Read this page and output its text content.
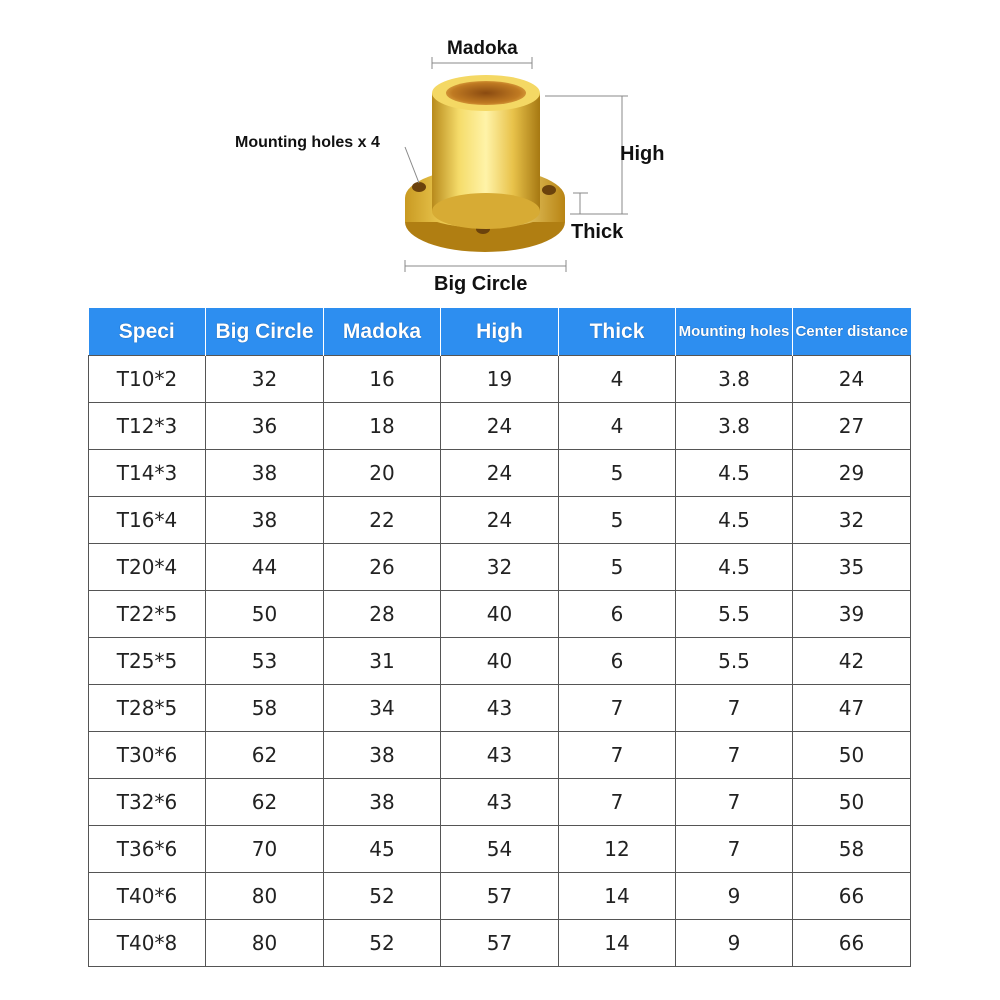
Madoka
Mounting holes x 4
High
Thick
Big Circle
Speci	Big Circle	Madoka	High	Thick	Mounting holes	Center distance

T10*2	32	16	19	4	3.8	24
T12*3	36	18	24	4	3.8	27
T14*3	38	20	24	5	4.5	29
T16*4	38	22	24	5	4.5	32
T20*4	44	26	32	5	4.5	35
T22*5	50	28	40	6	5.5	39
T25*5	53	31	40	6	5.5	42
T28*5	58	34	43	7	7	47
T30*6	62	38	43	7	7	50
T32*6	62	38	43	7	7	50
T36*6	70	45	54	12	7	58
T40*6	80	52	57	14	9	66
T40*8	80	52	57	14	9	66
